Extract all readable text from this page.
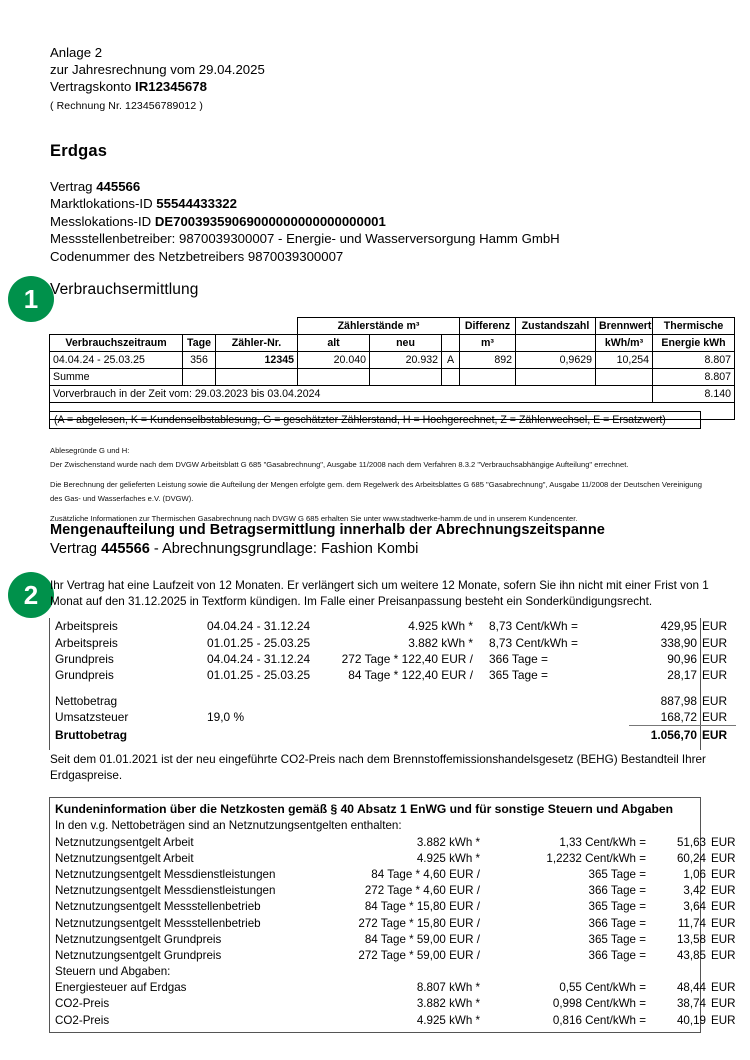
Anlage 2
zur Jahresrechnung vom 29.04.2025
Vertragskonto IR12345678
( Rechnung Nr. 123456789012 )
Erdgas
Vertrag 445566
Marktlokations-ID 55544433322
Messlokations-ID DE70039359069000000000000000001
Messstellenbetreiber: 9870039300007 - Energie- und Wasserversorgung Hamm GmbH
Codenummer des Netzbetreibers 9870039300007
1
2
Verbrauchsermittlung
			Zählerstände m³			Differenz	Zustandszahl	Brennwert	Thermische
Verbrauchszeitraum	Tage	Zähler-Nr.	alt	neu		m³		kWh/m³	Energie kWh
04.04.24 - 25.03.25	356	12345	20.040	20.932	A	892	0,9629	10,254	8.807
Summe									8.807
Vorverbrauch in der Zeit vom: 29.03.2023 bis 03.04.2024									8.140

(A = abgelesen, K = Kundenselbstablesung, G = geschätzter Zählerstand, H = Hochgerechnet, Z = Zählerwechsel, E = Ersatzwert)

Ablesegründe G und H:

Der Zwischenstand wurde nach dem DVGW Arbeitsblatt G 685 "Gasabrechnung", Ausgabe 11/2008 nach dem Verfahren 8.3.2 "Verbrauchsabhängige Aufteilung" errechnet.

Die Berechnung der gelieferten Leistung sowie die Aufteilung der Mengen erfolgte gem. dem Regelwerk des Arbeitsblattes G 685 "Gasabrechnung", Ausgabe 11/2008 der Deutschen Vereinigung des Gas- und Wasserfaches e.V. (DVGW).

Zusätzliche Informationen zur Thermischen Gasabrechnung nach DVGW G 685 erhalten Sie unter www.stadtwerke-hamm.de und in unserem Kundencenter.

Mengenaufteilung und Betragsermittlung innerhalb der Abrechnungszeitspanne
Vertrag 445566 - Abrechnungsgrundlage: Fashion Kombi
Ihr Vertrag hat eine Laufzeit von 12 Monaten. Er verlängert sich um weitere 12 Monate, sofern Sie ihn nicht mit einer Frist von 1 Monat auf den 31.12.2025 in Textform kündigen. Im Falle einer Preisanpassung besteht ein Sonderkündigungsrecht.
Arbeitspreis	04.04.24 - 31.12.24	4.925 kWh *	8,73 Cent/kWh =	429,95	EUR
Arbeitspreis	01.01.25 - 25.03.25	3.882 kWh *	8,73 Cent/kWh =	338,90	EUR
Grundpreis	04.04.24 - 31.12.24	272 Tage * 122,40 EUR /	366 Tage =	90,96	EUR
Grundpreis	01.01.25 - 25.03.25	84 Tage * 122,40 EUR /	365 Tage =	28,17	EUR

Nettobetrag				887,98	EUR
Umsatzsteuer	19,0 %			168,72	EUR

Bruttobetrag				1.056,70	EUR

Seit dem 01.01.2021 ist der neu eingeführte CO2-Preis nach dem Brennstoffemissionshandelsgesetz (BEHG) Bestandteil Ihrer Erdgaspreise.
Kundeninformation über die Netzkosten gemäß § 40 Absatz 1 EnWG und für sonstige Steuern und Abgaben
In den v.g. Nettobeträgen sind an Netznutzungsentgelten enthalten:
Netznutzungsentgelt Arbeit	3.882 kWh *	1,33 Cent/kWh =	51,63	EUR
Netznutzungsentgelt Arbeit	4.925 kWh *	1,2232 Cent/kWh =	60,24	EUR
Netznutzungsentgelt Messdienstleistungen	84 Tage * 4,60 EUR /	365 Tage =	1,06	EUR
Netznutzungsentgelt Messdienstleistungen	272 Tage * 4,60 EUR /	366 Tage =	3,42	EUR
Netznutzungsentgelt Messstellenbetrieb	84 Tage * 15,80 EUR /	365 Tage =	3,64	EUR
Netznutzungsentgelt Messstellenbetrieb	272 Tage * 15,80 EUR /	366 Tage =	11,74	EUR
Netznutzungsentgelt Grundpreis	84 Tage * 59,00 EUR /	365 Tage =	13,58	EUR
Netznutzungsentgelt Grundpreis	272 Tage * 59,00 EUR /	366 Tage =	43,85	EUR
Steuern und Abgaben:				
Energiesteuer auf Erdgas	8.807 kWh *	0,55 Cent/kWh =	48,44	EUR
CO2-Preis	3.882 kWh *	0,998 Cent/kWh =	38,74	EUR
CO2-Preis	4.925 kWh *	0,816 Cent/kWh =	40,19	EUR
